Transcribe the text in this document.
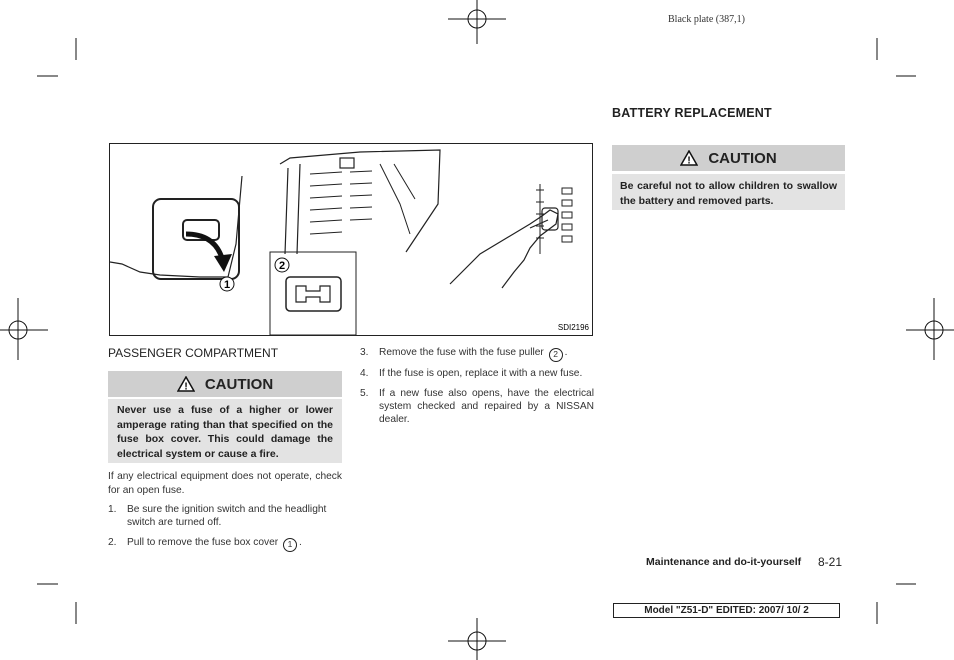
Black plate (387,1)
1
2
SDI2196
PASSENGER COMPARTMENT
! CAUTION
Never use a fuse of a higher or lower amperage rating than that specified on the fuse box cover. This could damage the electrical system or cause a fire.
If any electrical equipment does not operate, check for an open fuse.
1.	Be sure the ignition switch and the headlight switch are turned off.
2.	Pull to remove the fuse box cover 1 .
3.	Remove the fuse with the fuse puller 2 .
4.	If the fuse is open, replace it with a new fuse.
5.	If a new fuse also opens, have the electrical system checked and repaired by a NISSAN dealer.
BATTERY REPLACEMENT
! CAUTION
Be careful not to allow children to swallow the battery and removed parts.
Maintenance and do-it-yourself 8-21
Model "Z51-D" EDITED: 2007/ 10/ 2
